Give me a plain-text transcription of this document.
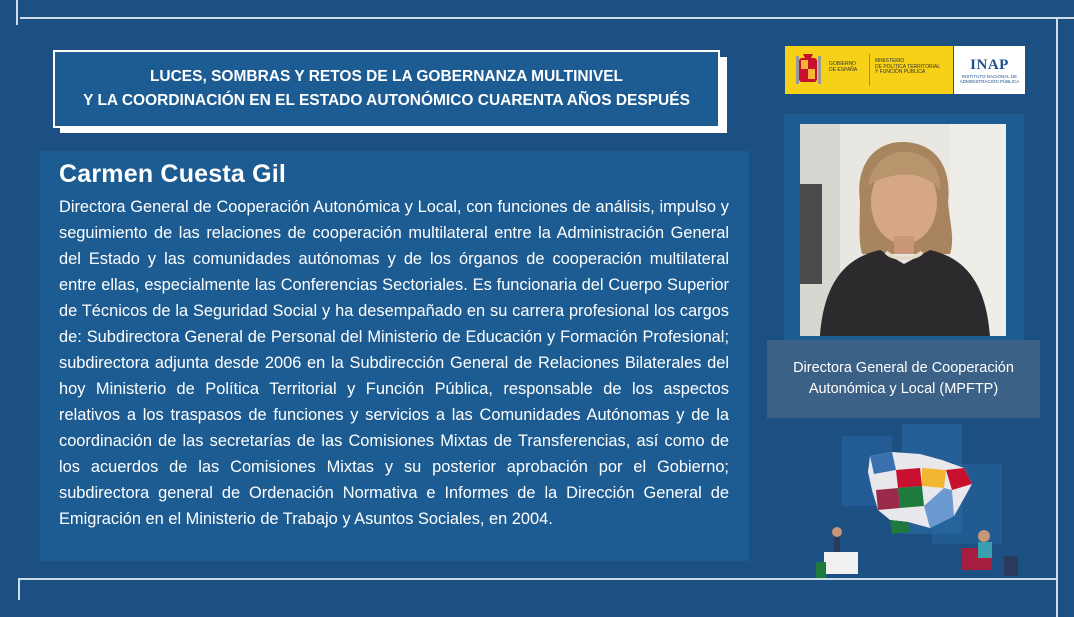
LUCES, SOMBRAS Y RETOS DE LA GOBERNANZA MULTINIVEL
Y LA COORDINACIÓN EN EL ESTADO AUTONÓMICO CUARENTA AÑOS DESPUÉS
Carmen Cuesta Gil
Directora General de Cooperación Autonómica y Local, con funciones de análisis, impulso y seguimiento de las relaciones de cooperación multilateral entre la Administración General del Estado y las comunidades autónomas y de los órganos de cooperación multilateral entre ellas, especialmente las Conferencias Sectoriales. Es funcionaria del Cuerpo Superior de Técnicos de la Seguridad Social y ha desempañado en su carrera profesional los cargos de: Subdirectora General de Personal del Ministerio de Educación y Formación Profesional; subdirectora adjunta desde 2006 en la Subdirección General de Relaciones Bilaterales del hoy Ministerio de Política Territorial y Función Pública, responsable de los aspectos relativos a los traspasos de funciones y servicios a las Comunidades Autónomas y de la coordinación de las secretarías de las Comisiones Mixtas de Transferencias, así como de los acuerdos de las Comisiones Mixtas y su posterior aprobación por el Gobierno; subdirectora general de Ordenación Normativa e Informes de la Dirección General de Emigración en el Ministerio de Trabajo y Asuntos Sociales, en 2004.
GOBIERNO
DE ESPAÑA
MINISTERIO
DE POLÍTICA TERRITORIAL
Y FUNCIÓN PÚBLICA	INAP
INSTITUTO NACIONAL DE
ADMINISTRACIÓN PÚBLICA
Directora General de Cooperación
Autonómica y Local (MPFTP)
